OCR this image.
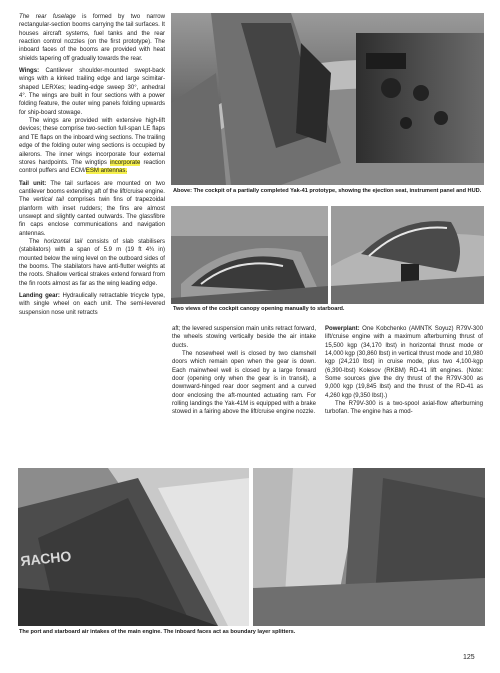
The rear fuselage is formed by two narrow rectangular-section booms carrying the tail surfaces. It houses aircraft systems, fuel tanks and the rear reaction control nozzles (on the first prototype). The inboard faces of the booms are provided with heat shields tapering off gradually towards the rear.

Wings: Cantilever shoulder-mounted swept-back wings with a kinked trailing edge and large scimitar-shaped LERXes; leading-edge sweep 30°, anhedral 4°. The wings are built in four sections with a power folding feature, the outer wing panels folding upwards for ship-board stowage.

The wings are provided with extensive high-lift devices; these comprise two-section full-span LE flaps and TE flaps on the inboard wing sections. The trailing edge of the folding outer wing sections is occupied by ailerons. The inner wings incorporate four external stores hardpoints. The wingtips incorporate reaction control puffers and ECM/ESM antennas.

Tail unit: The tail surfaces are mounted on two cantilever booms extending aft of the lift/cruise engine. The vertical tail comprises twin fins of trapezoidal planform with inset rudders; the fins are almost unswept and slightly canted outwards. The glassfibre fin caps enclose communications and navigation antennas.

The horizontal tail consists of slab stabilisers (stabilators) with a span of 5.9 m (19 ft 4¾ in) mounted below the wing level on the outboard sides of the booms. The stabilators have anti-flutter weights at the roots. Shallow vertical strakes extend forward from the fin roots almost as far as the wing leading edge.

Landing gear: Hydraulically retractable tricycle type, with single wheel on each unit. The semi-levered suspension nose unit retracts

Above: The cockpit of a partially completed Yak-41 prototype, showing the ejection seat, instrument panel and HUD.
Two views of the cockpit canopy opening manually to starboard.

aft; the levered suspension main units retract forward, the wheels stowing vertically beside the air intake ducts.

The nosewheel well is closed by two clamshell doors which remain open when the gear is down. Each mainwheel well is closed by a large forward door (opening only when the gear is in transit), a downward-hinged rear door segment and a curved door enclosing the aft-mounted actuating ram. For rolling landings the Yak-41M is equipped with a brake stowed in a fairing above the lift/cruise engine nozzle.

Powerplant: One Kobchenko (AMNTK Soyuz) R79V-300 lift/cruise engine with a maximum afterburning thrust of 15,500 kgp (34,170 lbst) in horizontal thrust mode or 14,000 kgp (30,860 lbst) in vertical thrust mode and 10,980 kgp (24,210 lbst) in cruise mode, plus two 4,100-kgp (6,390-lbst) Kolesov (RKBM) RD-41 lift engines. (Note: Some sources give the dry thrust of the R79V-300 as 9,000 kgp (19,845 lbst) and the thrust of the RD-41 as 4,260 kgp (9,350 lbst).)

The R79V-300 is a two-spool axial-flow afterburning turbofan. The engine has a mod-

ЯАСНО
The port and starboard air intakes of the main engine. The inboard faces act as boundary layer splitters.
125
